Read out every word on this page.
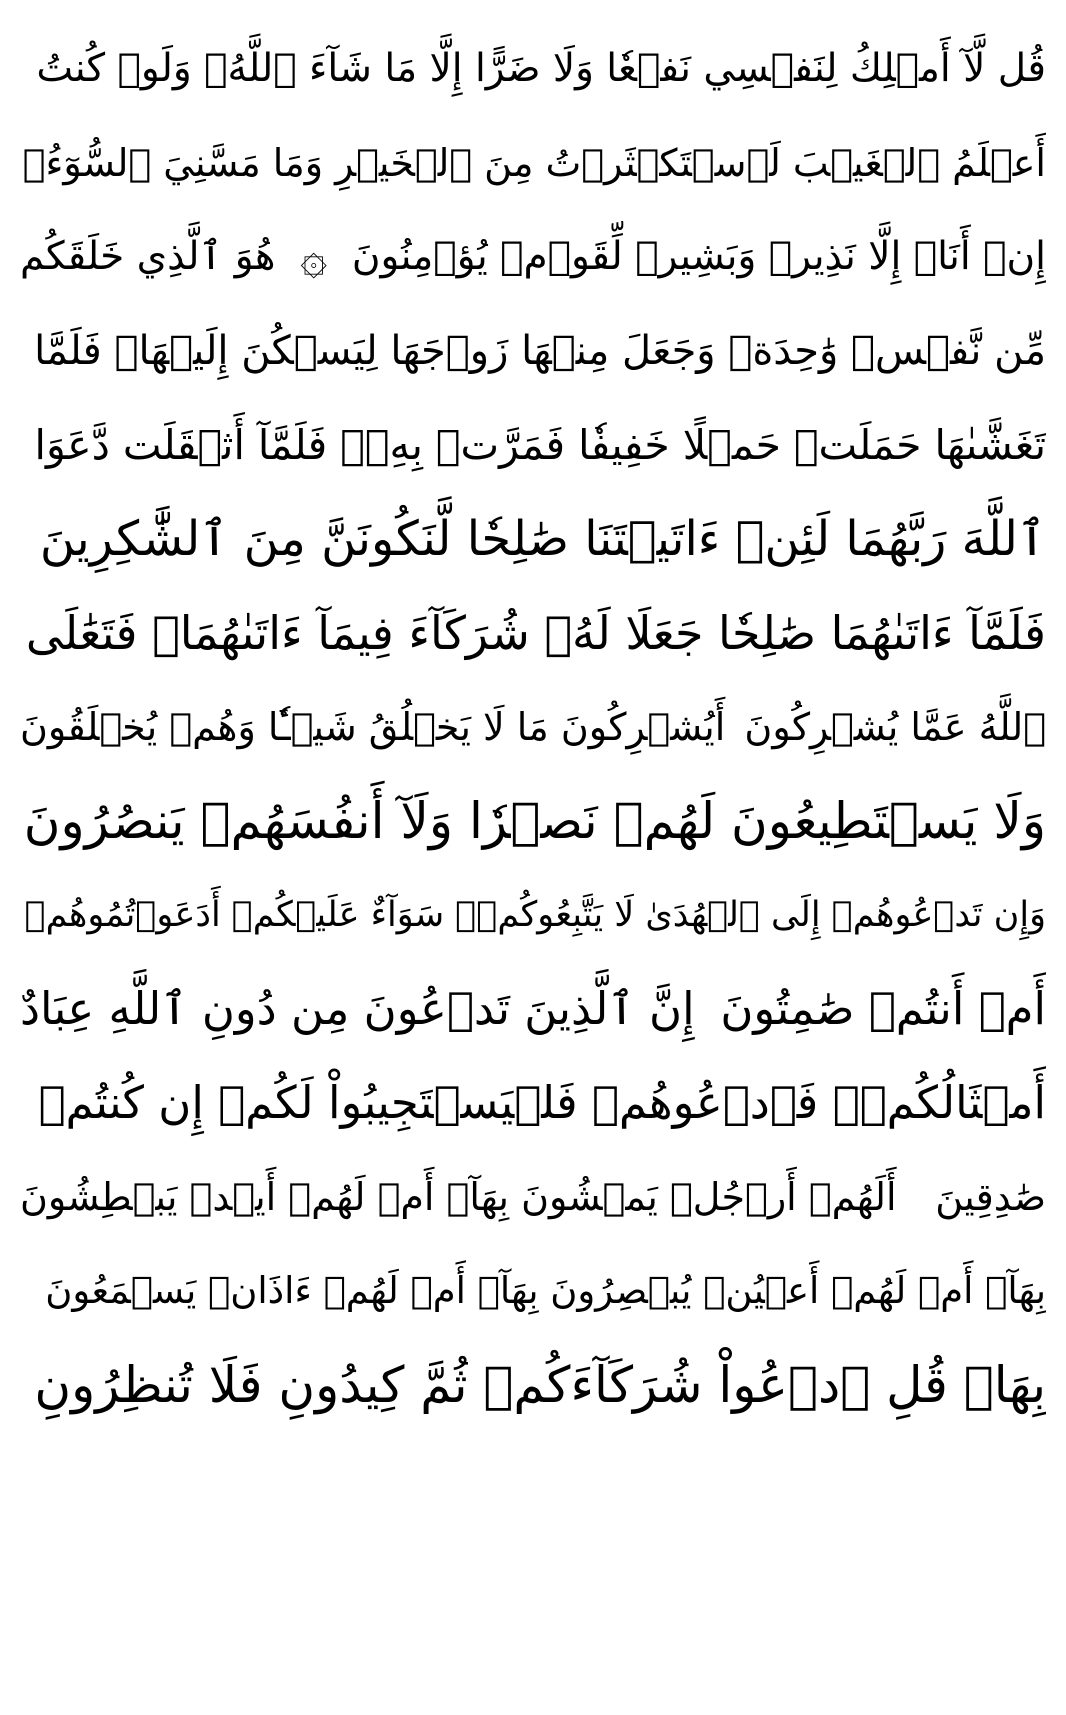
قُل لَّآ أَمۡلِكُ لِنَفۡسِي نَفۡعٗا وَلَا ضَرًّا إِلَّا مَا شَآءَ ٱللَّهُۚ وَلَوۡ كُنتُ
أَعۡلَمُ ٱلۡغَيۡبَ لَٱسۡتَكۡثَرۡتُ مِنَ ٱلۡخَيۡرِ وَمَا مَسَّنِيَ ٱلسُّوٓءُۚ
إِنۡ أَنَا۠ إِلَّا نَذِيرٞ وَبَشِيرٞ لِّقَوۡمٖ يُؤۡمِنُونَ
۞
هُوَ ٱلَّذِي خَلَقَكُم
مِّن نَّفۡسٖ وَٰحِدَةٖ وَجَعَلَ مِنۡهَا زَوۡجَهَا لِيَسۡكُنَ إِلَيۡهَاۖ فَلَمَّا
تَغَشَّىٰهَا حَمَلَتۡ حَمۡلًا خَفِيفٗا فَمَرَّتۡ بِهِۦۖ فَلَمَّآ أَثۡقَلَت دَّعَوَا
ٱللَّهَ رَبَّهُمَا لَئِنۡ ءَاتَيۡتَنَا صَٰلِحٗا لَّنَكُونَنَّ مِنَ ٱلشَّٰكِرِينَ
فَلَمَّآ ءَاتَىٰهُمَا صَٰلِحٗا جَعَلَا لَهُۥ شُرَكَآءَ فِيمَآ ءَاتَىٰهُمَاۚ فَتَعَٰلَى
ٱللَّهُ عَمَّا يُشۡرِكُونَ
أَيُشۡرِكُونَ مَا لَا يَخۡلُقُ شَيۡـٔٗا وَهُمۡ يُخۡلَقُونَ
وَلَا يَسۡتَطِيعُونَ لَهُمۡ نَصۡرٗا وَلَآ أَنفُسَهُمۡ يَنصُرُونَ
وَإِن تَدۡعُوهُمۡ إِلَى ٱلۡهُدَىٰ لَا يَتَّبِعُوكُمۡۚ سَوَآءٌ عَلَيۡكُمۡ أَدَعَوۡتُمُوهُمۡ
أَمۡ أَنتُمۡ صَٰمِتُونَ
إِنَّ ٱلَّذِينَ تَدۡعُونَ مِن دُونِ ٱللَّهِ عِبَادٌ
أَمۡثَالُكُمۡۖ فَٱدۡعُوهُمۡ فَلۡيَسۡتَجِيبُواْ لَكُمۡ إِن كُنتُمۡ
صَٰدِقِينَ
أَلَهُمۡ أَرۡجُلٞ يَمۡشُونَ بِهَآۖ أَمۡ لَهُمۡ أَيۡدٖ يَبۡطِشُونَ
بِهَآۖ أَمۡ لَهُمۡ أَعۡيُنٞ يُبۡصِرُونَ بِهَآۖ أَمۡ لَهُمۡ ءَاذَانٞ يَسۡمَعُونَ
بِهَاۗ قُلِ ٱدۡعُواْ شُرَكَآءَكُمۡ ثُمَّ كِيدُونِ فَلَا تُنظِرُونِ
